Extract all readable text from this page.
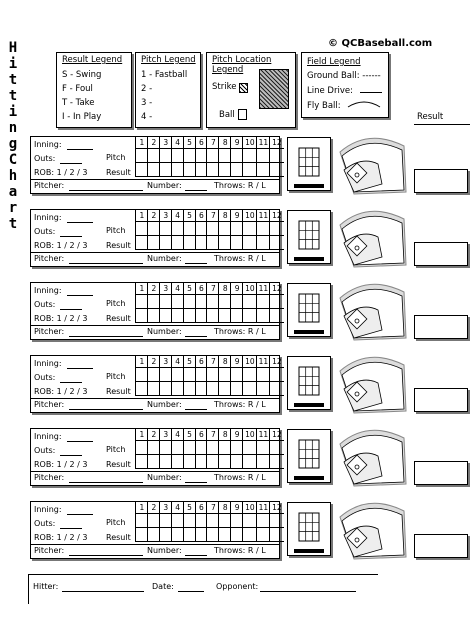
H
i
t
t
i
n
g
C
h
a
r
t
© QCBaseball.com
Result Legend
S - Swing
F - Foul
T - Take
I - In Play
Pitch Legend
1 - Fastball
2 -
3 -
4 -
Pitch Location
Legend
Strike
Ball
Field Legend
Ground Ball: ------
Line Drive:
Fly Ball:
Result
Inning:
Outs:
ROB: 1 / 2 / 3
Pitch
Result
1 2 3 4 5 6 7 8 9 10 11 12
Pitcher:	Number:	Throws: R / L
Inning:
Outs:
ROB: 1 / 2 / 3
Pitch
Result
1 2 3 4 5 6 7 8 9 10 11 12
Pitcher:	Number:	Throws: R / L
Inning:
Outs:
ROB: 1 / 2 / 3
Pitch
Result
1 2 3 4 5 6 7 8 9 10 11 12
Pitcher:	Number:	Throws: R / L
Inning:
Outs:
ROB: 1 / 2 / 3
Pitch
Result
1 2 3 4 5 6 7 8 9 10 11 12
Pitcher:	Number:	Throws: R / L
Inning:
Outs:
ROB: 1 / 2 / 3
Pitch
Result
1 2 3 4 5 6 7 8 9 10 11 12
Pitcher:	Number:	Throws: R / L
Inning:
Outs:
ROB: 1 / 2 / 3
Pitch
Result
1 2 3 4 5 6 7 8 9 10 11 12
Pitcher:	Number:	Throws: R / L
Hitter:	Date:	Opponent:
